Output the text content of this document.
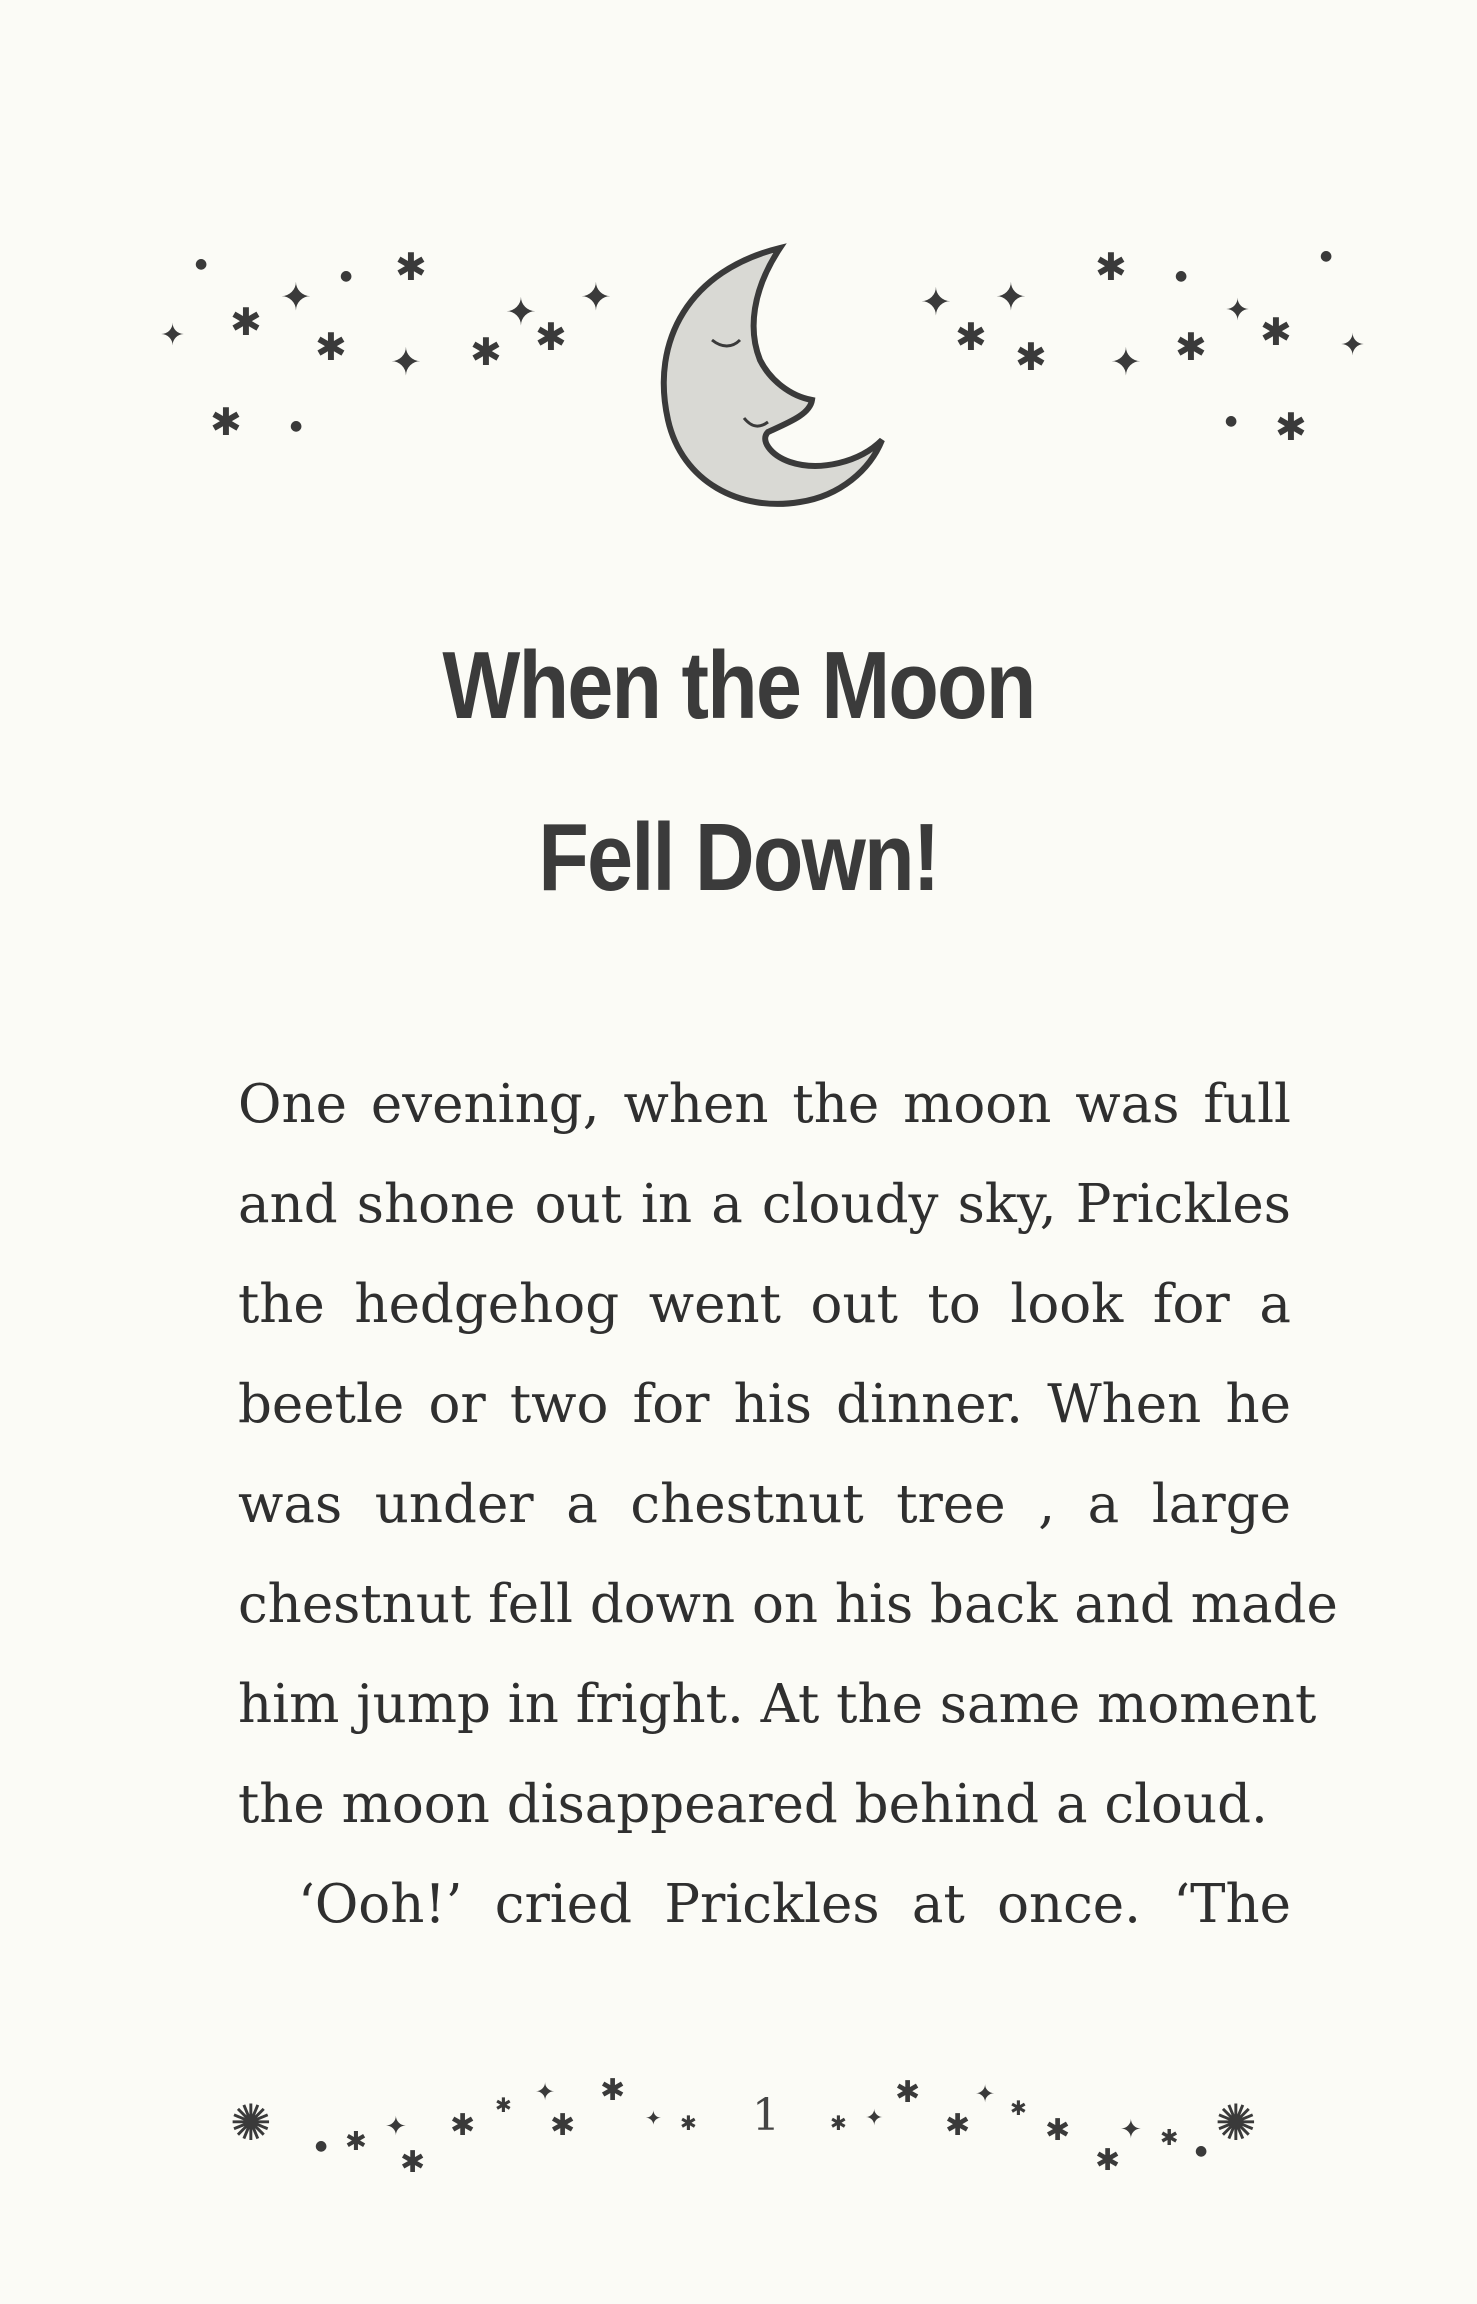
●	✱
●
✦
✱
✦	✱ ✦ ✱
✦
✱
✦
✱	●
✦
✱
✦
✱
✱	●
✦ ✱
✦ ✱
●
✦
● ✱
When the Moon
Fell Down!
One evening, when the moon was full
and shone out in a cloudy sky, Prickles
the hedgehog went out to look for a
beetle or two for his dinner. When he
was under a chestnut tree , a large
chestnut fell down on his back and made
him jump in fright. At the same moment
the moon disappeared behind a cloud.
‘Ooh!’ cried Prickles at once. ‘The
✺	● ✱ ✦
✱
✱
✱ ✦
✱
✱
✦ ✱	✱ ✦
✱
✱
✦ ✱
✱
✱
✦ ✱ ● ✺
1
